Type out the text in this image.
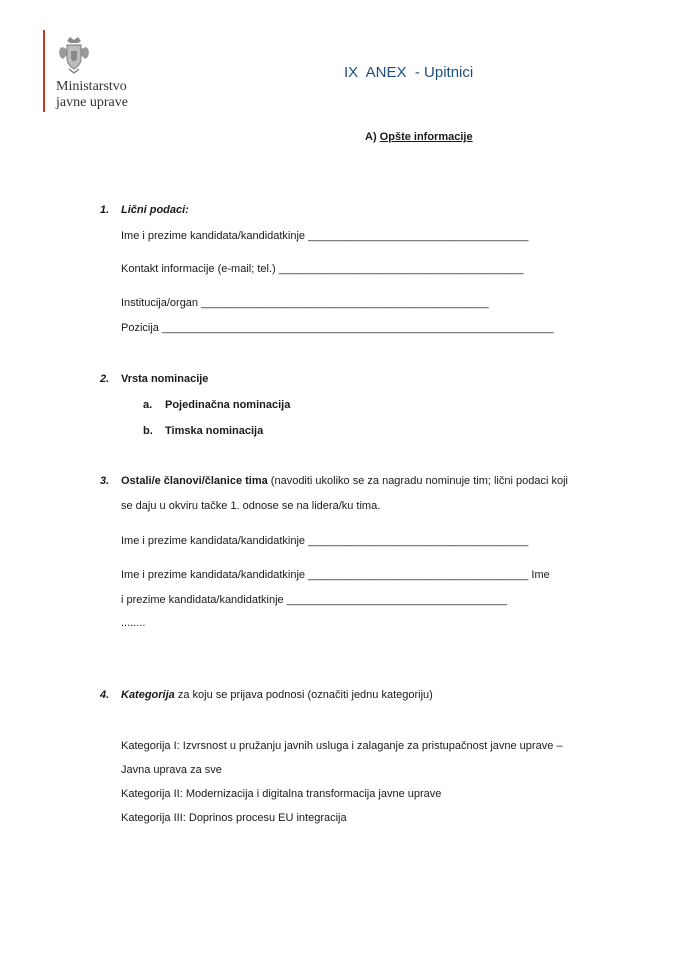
Ministarstvo
javne uprave
IX  ANEX  - Upitnici
A) Opšte informacije
1. Lični podaci:
Ime i prezime kandidata/kandidatkinje ____________________________________
Kontakt informacije (e-mail; tel.) ________________________________________
Institucija/organ _______________________________________________
Pozicija ________________________________________________________________
2. Vrsta nominacije
a. Pojedinačna nominacija
b. Timska nominacija
3. Ostali/e članovi/članice tima (navoditi ukoliko se za nagradu nominuje tim; lični podaci koji
se daju u okviru tačke 1. odnose se na lidera/ku tima.
Ime i prezime kandidata/kandidatkinje ____________________________________
Ime i prezime kandidata/kandidatkinje ____________________________________ Ime
i prezime kandidata/kandidatkinje ____________________________________
........
4. Kategorija za koju se prijava podnosi (označiti jednu kategoriju)
Kategorija I: Izvrsnost u pružanju javnih usluga i zalaganje za pristupačnost javne uprave –
Javna uprava za sve
Kategorija II: Modernizacija i digitalna transformacija javne uprave
Kategorija III: Doprinos procesu EU integracija
